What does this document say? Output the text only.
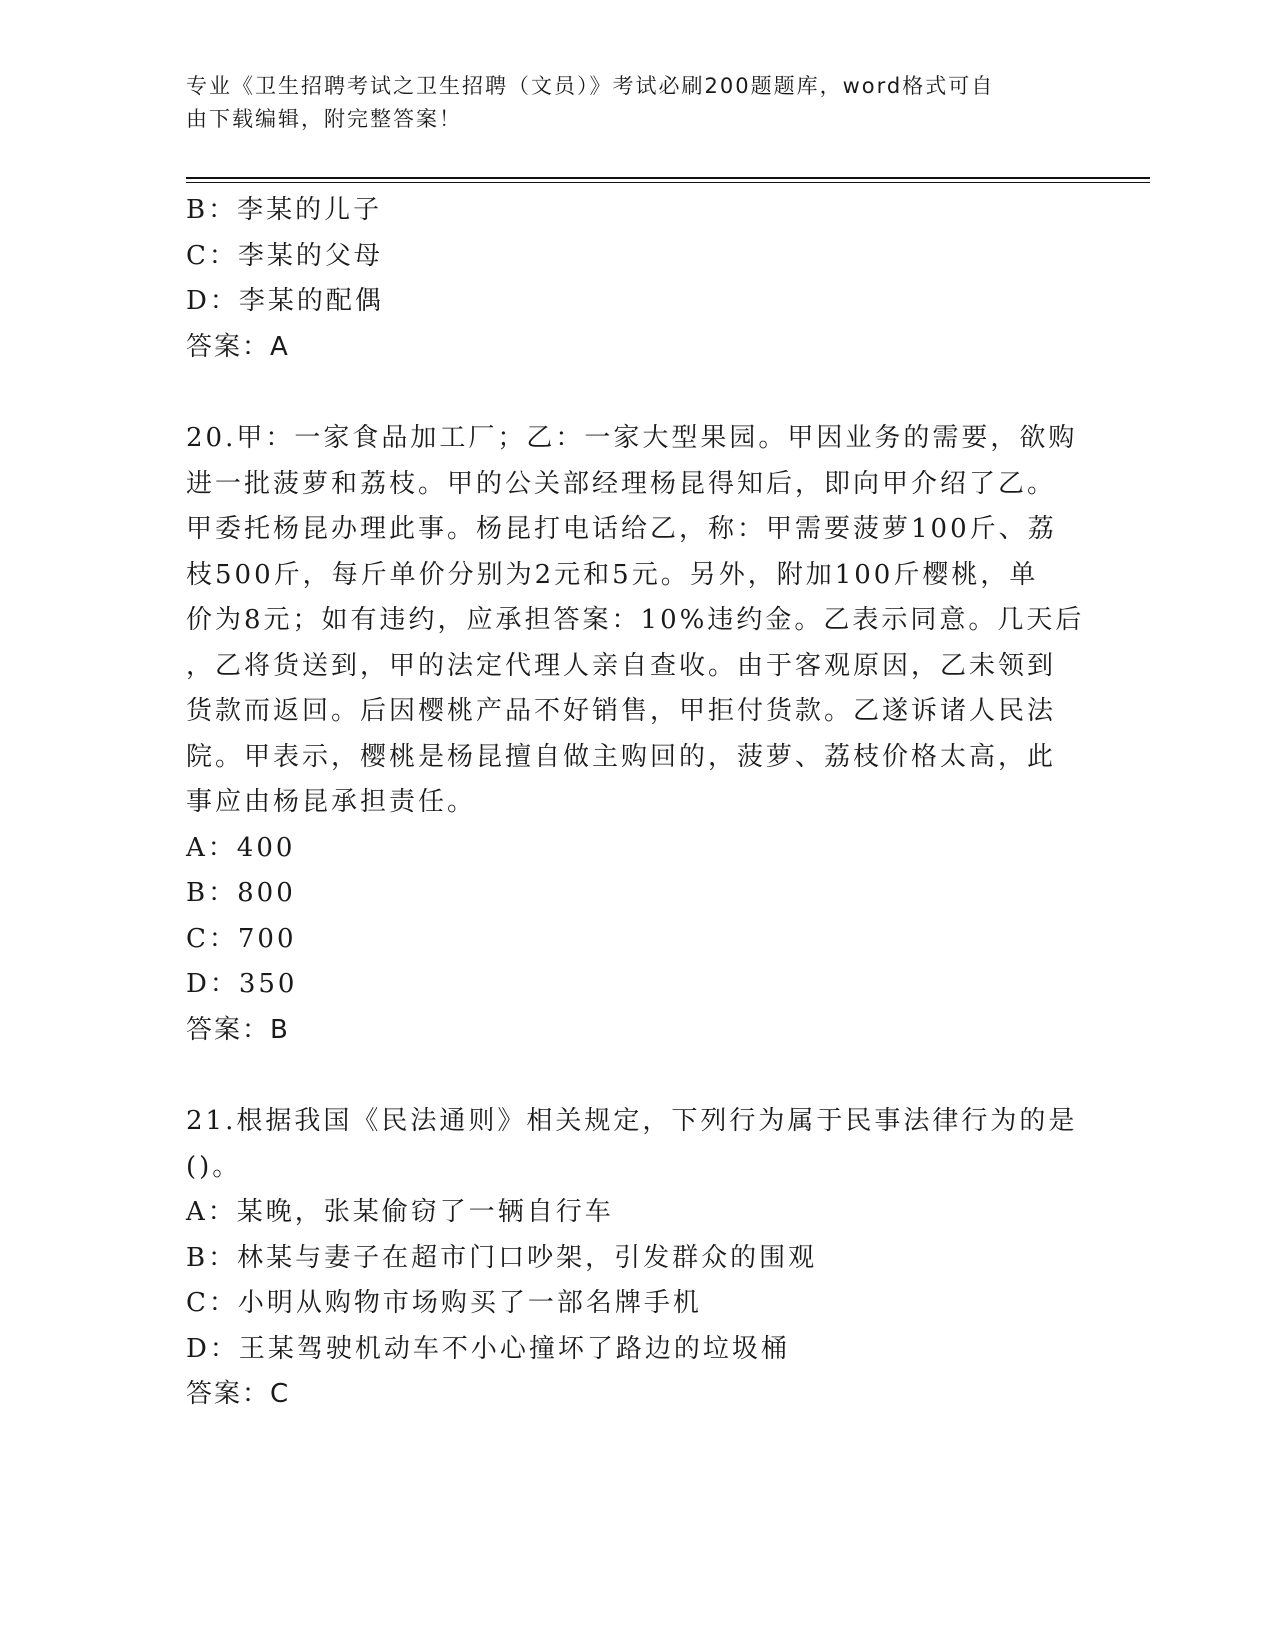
专业《卫生招聘考试之卫生招聘（文员）》考试必刷200题题库，word格式可自
由下载编辑，附完整答案！
B：李某的儿子
C：李某的父母
D：李某的配偶
答案：A
20.甲：一家食品加工厂；乙：一家大型果园。甲因业务的需要，欲购
进一批菠萝和荔枝。甲的公关部经理杨昆得知后，即向甲介绍了乙。
甲委托杨昆办理此事。杨昆打电话给乙，称：甲需要菠萝100斤、荔
枝500斤，每斤单价分别为2元和5元。另外，附加100斤樱桃，单
价为8元；如有违约，应承担答案：10%违约金。乙表示同意。几天后
，乙将货送到，甲的法定代理人亲自查收。由于客观原因，乙未领到
货款而返回。后因樱桃产品不好销售，甲拒付货款。乙遂诉诸人民法
院。甲表示，樱桃是杨昆擅自做主购回的，菠萝、荔枝价格太高，此
事应由杨昆承担责任。
A：400
B：800
C：700
D：350
答案：B
21.根据我国《民法通则》相关规定，下列行为属于民事法律行为的是
()。
A：某晚，张某偷窃了一辆自行车
B：林某与妻子在超市门口吵架，引发群众的围观
C：小明从购物市场购买了一部名牌手机
D：王某驾驶机动车不小心撞坏了路边的垃圾桶
答案：C
